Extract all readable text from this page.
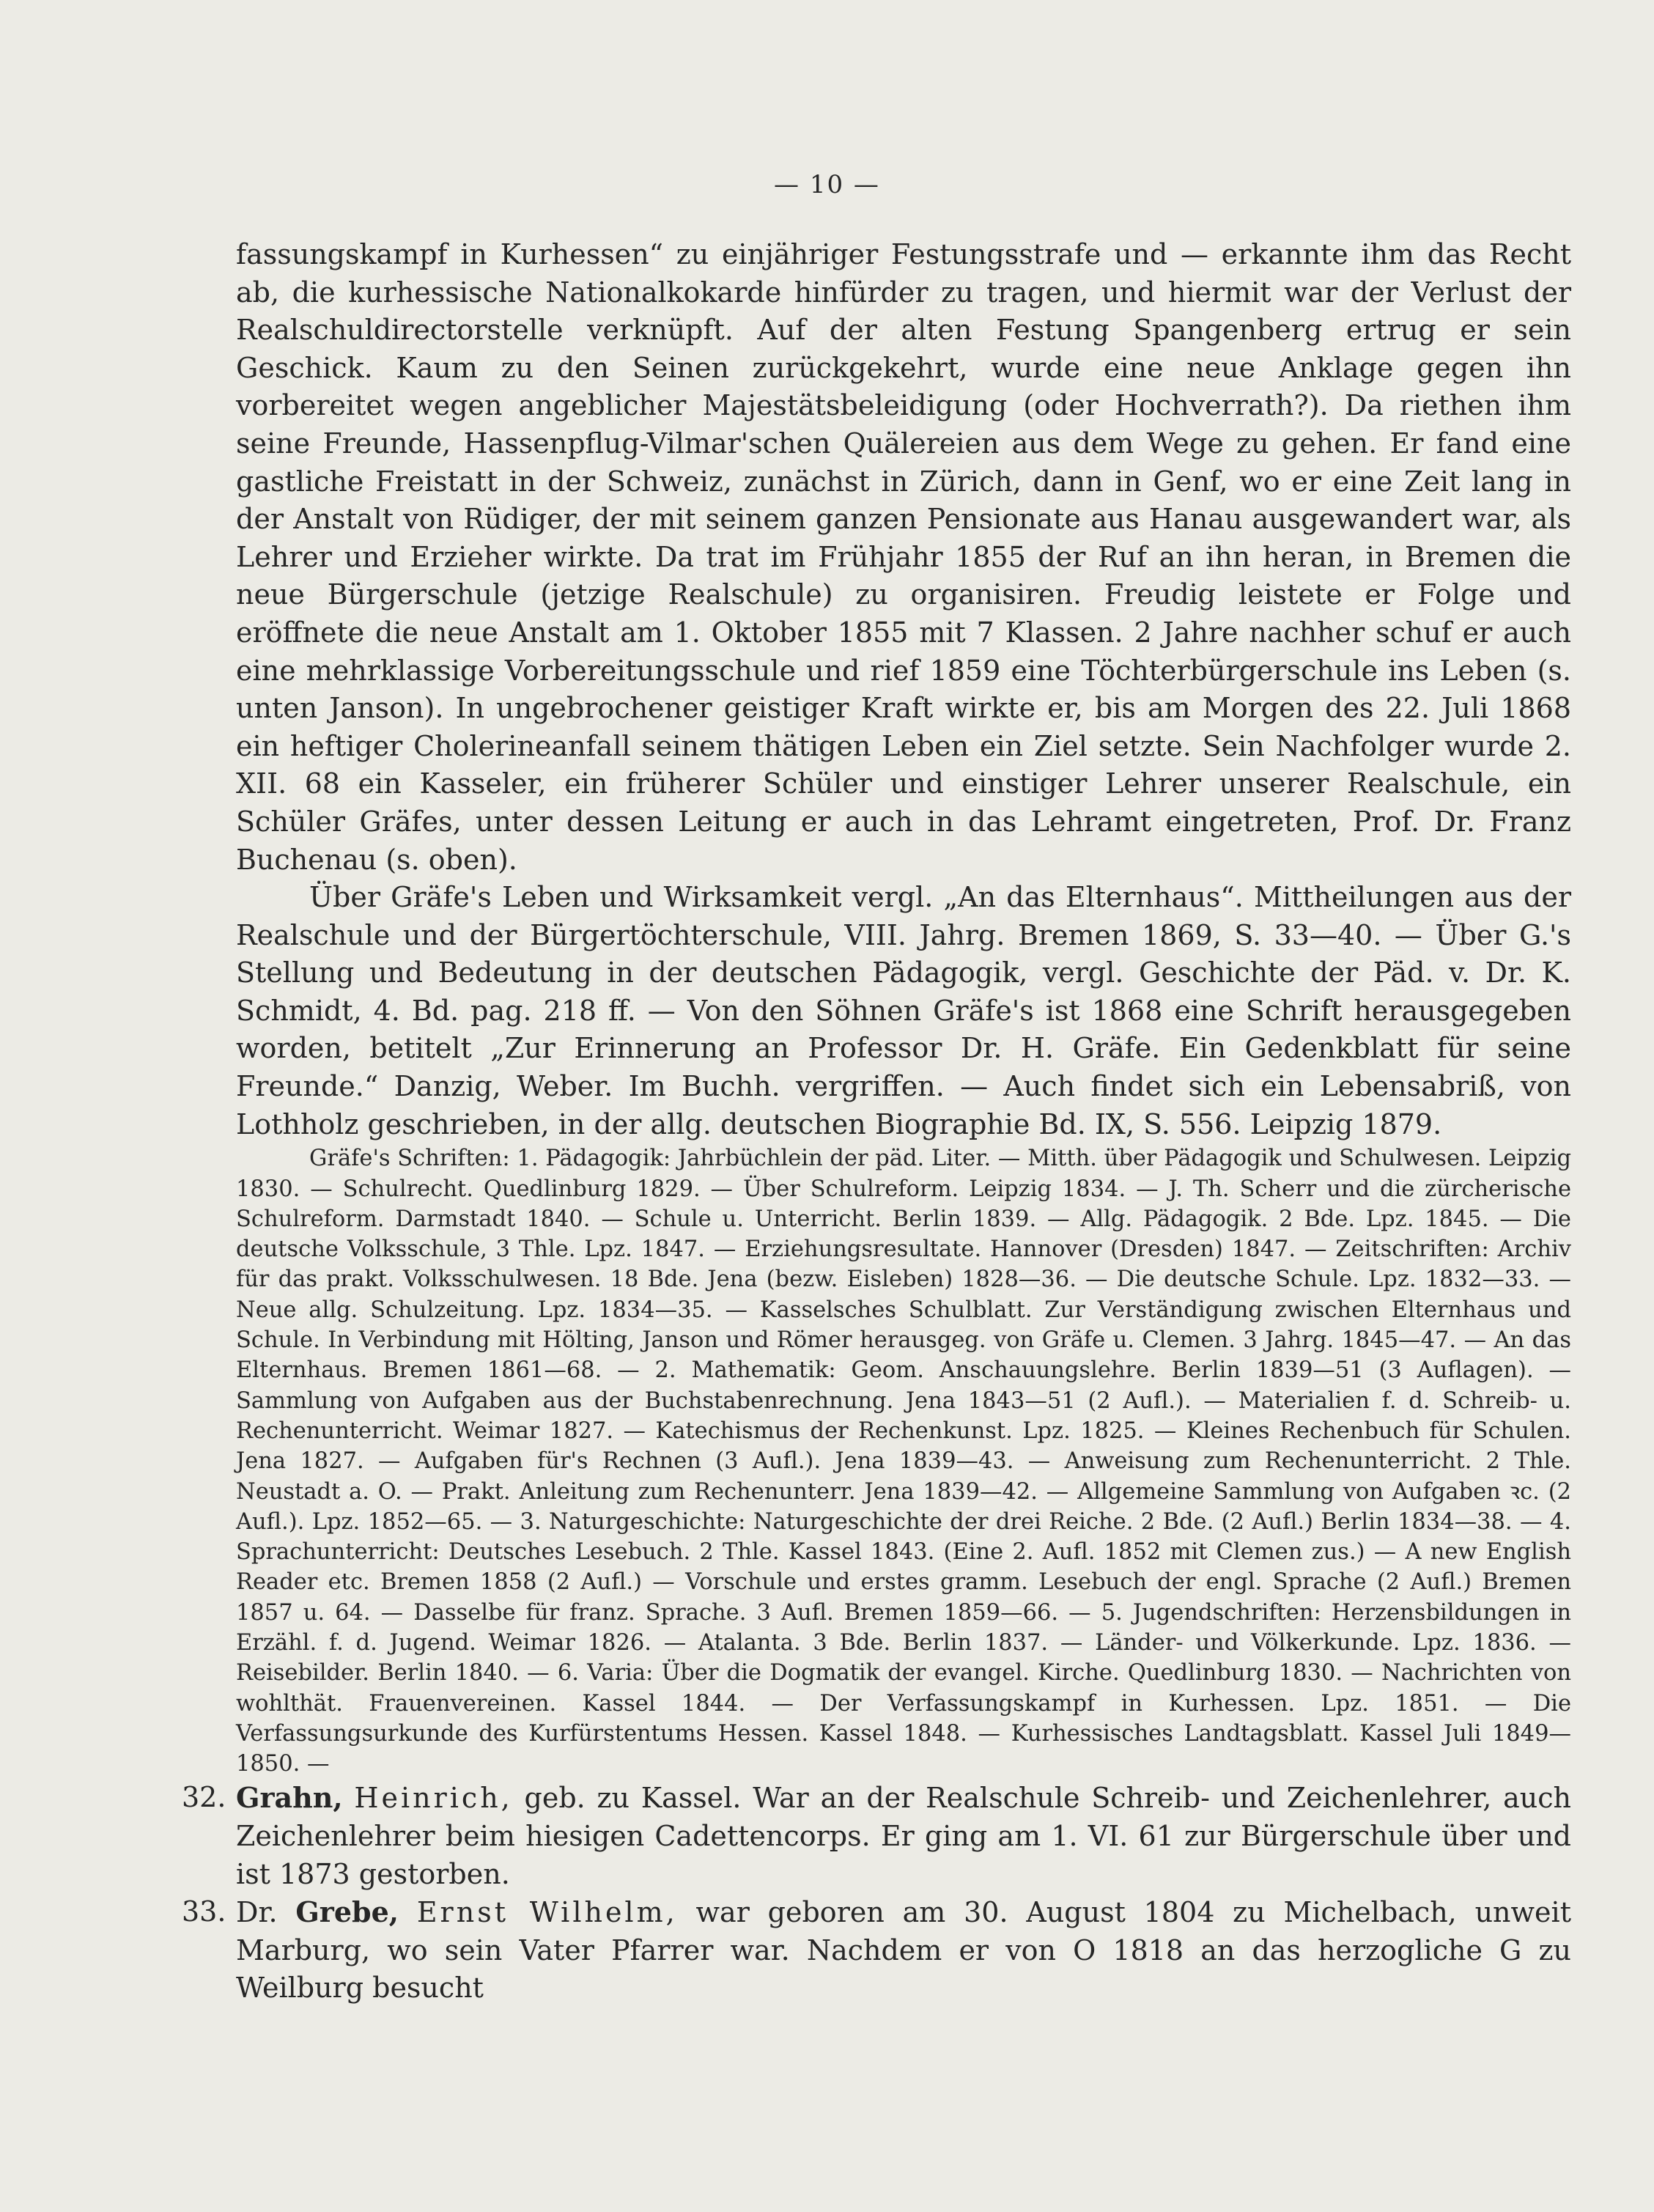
— 10 —

fassungskampf in Kurhessen“ zu einjähriger Festungsstrafe und — erkannte ihm das Recht ab, die kurhessische Nationalkokarde hinfürder zu tragen, und hiermit war der Verlust der Realschuldirectorstelle verknüpft. Auf der alten Festung Spangenberg ertrug er sein Geschick. Kaum zu den Seinen zurückgekehrt, wurde eine neue Anklage gegen ihn vorbereitet wegen angeblicher Majestätsbeleidigung (oder Hochverrath?). Da riethen ihm seine Freunde, Hassenpflug-Vilmar'schen Quälereien aus dem Wege zu gehen. Er fand eine gastliche Freistatt in der Schweiz, zunächst in Zürich, dann in Genf, wo er eine Zeit lang in der Anstalt von Rüdiger, der mit seinem ganzen Pensionate aus Hanau ausgewandert war, als Lehrer und Erzieher wirkte. Da trat im Frühjahr 1855 der Ruf an ihn heran, in Bremen die neue Bürgerschule (jetzige Realschule) zu organisiren. Freudig leistete er Folge und eröffnete die neue Anstalt am 1. Oktober 1855 mit 7 Klassen. 2 Jahre nachher schuf er auch eine mehrklassige Vorbereitungsschule und rief 1859 eine Töchterbürgerschule ins Leben (s. unten Janson). In ungebrochener geistiger Kraft wirkte er, bis am Morgen des 22. Juli 1868 ein heftiger Cholerineanfall seinem thätigen Leben ein Ziel setzte. Sein Nachfolger wurde 2. XII. 68 ein Kasseler, ein früherer Schüler und einstiger Lehrer unserer Realschule, ein Schüler Gräfes, unter dessen Leitung er auch in das Lehramt eingetreten, Prof. Dr. Franz Buchenau (s. oben).

Über Gräfe's Leben und Wirksamkeit vergl. „An das Elternhaus“. Mittheilungen aus der Realschule und der Bürgertöchterschule, VIII. Jahrg. Bremen 1869, S. 33—40. — Über G.'s Stellung und Bedeutung in der deutschen Pädagogik, vergl. Geschichte der Päd. v. Dr. K. Schmidt, 4. Bd. pag. 218 ff. — Von den Söhnen Gräfe's ist 1868 eine Schrift herausgegeben worden, betitelt „Zur Erinnerung an Professor Dr. H. Gräfe. Ein Gedenkblatt für seine Freunde.“ Danzig, Weber. Im Buchh. vergriffen. — Auch findet sich ein Lebensabriß, von Lothholz geschrieben, in der allg. deutschen Biographie Bd. IX, S. 556. Leipzig 1879.

Gräfe's Schriften: 1. Pädagogik: Jahrbüchlein der päd. Liter. — Mitth. über Pädagogik und Schulwesen. Leipzig 1830. — Schulrecht. Quedlinburg 1829. — Über Schulreform. Leipzig 1834. — J. Th. Scherr und die zürcherische Schulreform. Darmstadt 1840. — Schule u. Unterricht. Berlin 1839. — Allg. Pädagogik. 2 Bde. Lpz. 1845. — Die deutsche Volksschule, 3 Thle. Lpz. 1847. — Erziehungsresultate. Hannover (Dresden) 1847. — Zeitschriften: Archiv für das prakt. Volksschulwesen. 18 Bde. Jena (bezw. Eisleben) 1828—36. — Die deutsche Schule. Lpz. 1832—33. — Neue allg. Schulzeitung. Lpz. 1834—35. — Kasselsches Schulblatt. Zur Verständigung zwischen Elternhaus und Schule. In Verbindung mit Hölting, Janson und Römer herausgeg. von Gräfe u. Clemen. 3 Jahrg. 1845—47. — An das Elternhaus. Bremen 1861—68. — 2. Mathematik: Geom. Anschauungslehre. Berlin 1839—51 (3 Auflagen). — Sammlung von Aufgaben aus der Buchstabenrechnung. Jena 1843—51 (2 Aufl.). — Materialien f. d. Schreib- u. Rechenunterricht. Weimar 1827. — Katechismus der Rechenkunst. Lpz. 1825. — Kleines Rechenbuch für Schulen. Jena 1827. — Aufgaben für's Rechnen (3 Aufl.). Jena 1839—43. — Anweisung zum Rechenunterricht. 2 Thle. Neustadt a. O. — Prakt. Anleitung zum Rechenunterr. Jena 1839—42. — Allgemeine Sammlung von Aufgaben ꝛc. (2 Aufl.). Lpz. 1852—65. — 3. Naturgeschichte: Naturgeschichte der drei Reiche. 2 Bde. (2 Aufl.) Berlin 1834—38. — 4. Sprachunterricht: Deutsches Lesebuch. 2 Thle. Kassel 1843. (Eine 2. Aufl. 1852 mit Clemen zus.) — A new English Reader etc. Bremen 1858 (2 Aufl.) — Vorschule und erstes gramm. Lesebuch der engl. Sprache (2 Aufl.) Bremen 1857 u. 64. — Dasselbe für franz. Sprache. 3 Aufl. Bremen 1859—66. — 5. Jugendschriften: Herzensbildungen in Erzähl. f. d. Jugend. Weimar 1826. — Atalanta. 3 Bde. Berlin 1837. — Länder- und Völkerkunde. Lpz. 1836. — Reisebilder. Berlin 1840. — 6. Varia: Über die Dogmatik der evangel. Kirche. Quedlinburg 1830. — Nachrichten von wohlthät. Frauenvereinen. Kassel 1844. — Der Verfassungskampf in Kurhessen. Lpz. 1851. — Die Verfassungsurkunde des Kurfürstentums Hessen. Kassel 1848. — Kurhessisches Landtagsblatt. Kassel Juli 1849—1850. —

32. Grahn, Heinrich, geb. zu Kassel. War an der Realschule Schreib- und Zeichenlehrer, auch Zeichenlehrer beim hiesigen Cadettencorps. Er ging am 1. VI. 61 zur Bürgerschule über und ist 1873 gestorben.
33. Dr. Grebe, Ernst Wilhelm, war geboren am 30. August 1804 zu Michelbach, unweit Marburg, wo sein Vater Pfarrer war. Nachdem er von O 1818 an das herzogliche G zu Weilburg besucht
